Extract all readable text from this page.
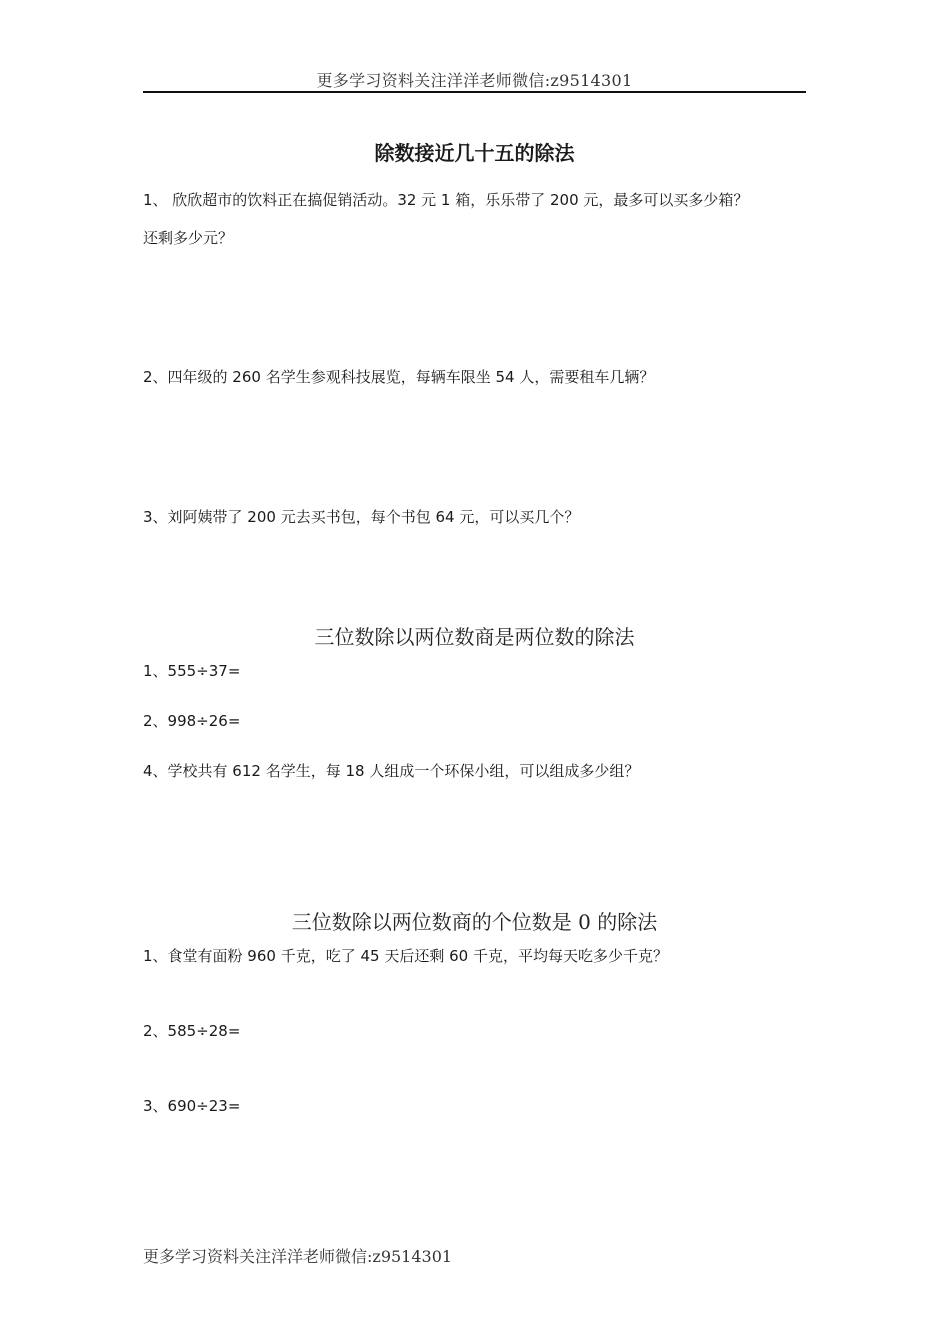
更多学习资料关注洋洋老师微信:z9514301
除数接近几十五的除法
1、 欣欣超市的饮料正在搞促销活动。32 元 1 箱，乐乐带了 200 元，最多可以买多少箱？
还剩多少元？
2、四年级的 260 名学生参观科技展览，每辆车限坐 54 人，需要租车几辆？
3、刘阿姨带了 200 元去买书包，每个书包 64 元，可以买几个？
三位数除以两位数商是两位数的除法
1、555÷37=
2、998÷26=
4、学校共有 612 名学生，每 18 人组成一个环保小组，可以组成多少组？
三位数除以两位数商的个位数是 0 的除法
1、食堂有面粉 960 千克，吃了 45 天后还剩 60 千克，平均每天吃多少千克？
2、585÷28=
3、690÷23=
更多学习资料关注洋洋老师微信:z9514301
